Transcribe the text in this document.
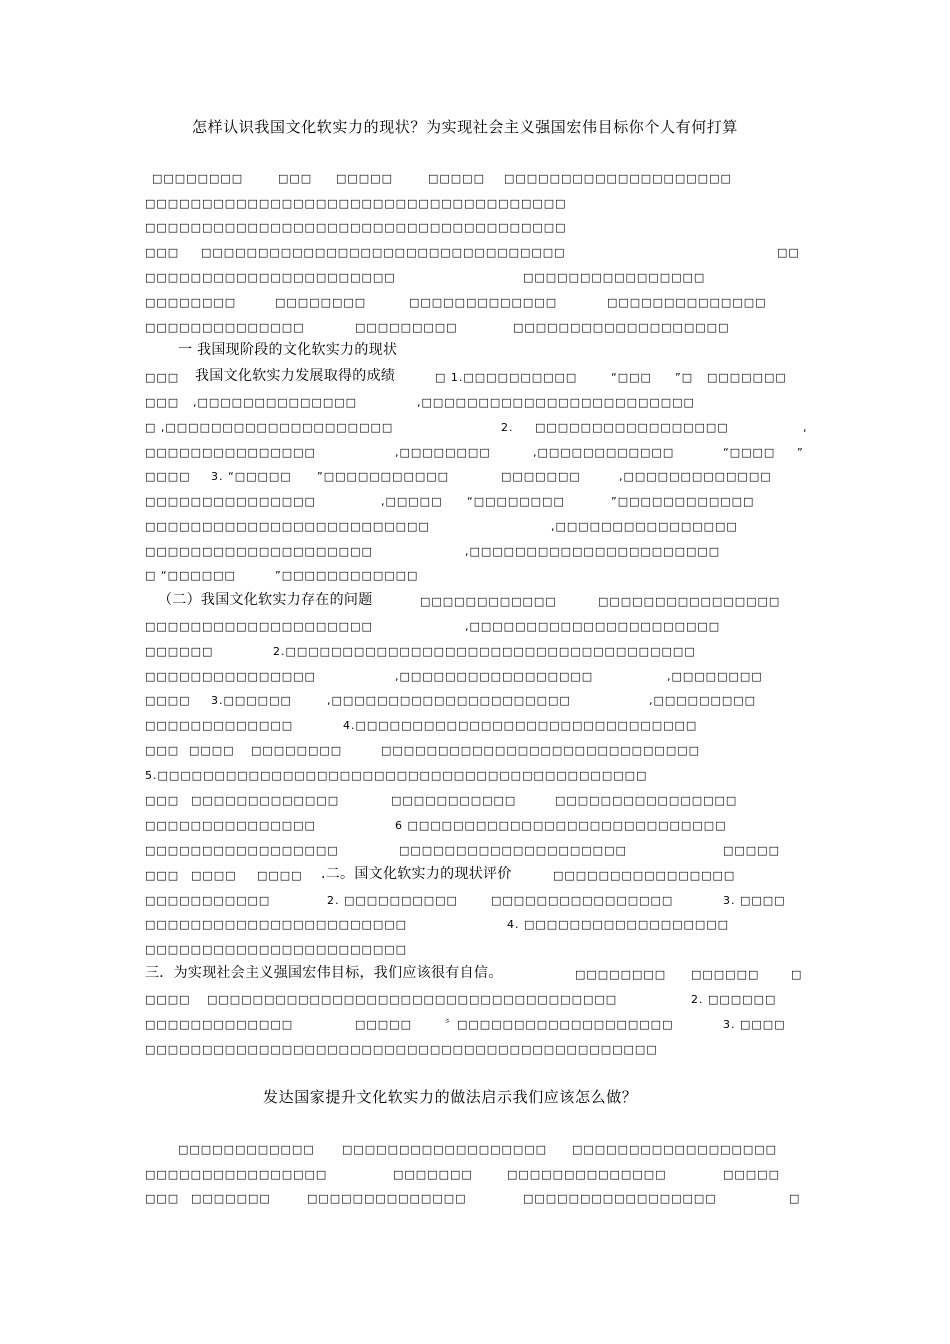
怎样认识我国文化软实力的现状？为实现社会主义强国宏伟目标你个人有何打算
□□□□□□□□	□□□ □□□□□	□□□□□ □□□□□□□□□□□□□□□□□□□□
□□□□□□□□□□□□□□□□□□□□□□□□□□□□□□□□□□□□□
□□□□□□□□□□□□□□□□□□□□□□□□□□□□□□□□□□□□□
□□□ □□□□□□□□□□□□□□□□□□□□□□□□□□□□□□□□	□□
□□□□□□□□□□□□□□□□□□□□□□	□□□□□□□□□□□□□□□□
□□□□□□□□	□□□□□□□□	□□□□□□□□□□□□□	□□□□□□□□□□□□□□
□□□□□□□□□□□□□□	□□□□□□□□□	□□□□□□□□□□□□□□□□□□□
一 我国现阶段的文化软实力的现状
□□□ 我国文化软实力发展取得的成绩	□ 1.□□□□□□□□□□	“□□□ ”□ □□□□□□□
□□□ ,□□□□□□□□□□□□□□	,□□□□□□□□□□□□□□□□□□□□□□□□
□ ,□□□□□□□□□□□□□□□□□□□□	2. □□□□□□□□□□□□□□□□□	,
□□□□□□□□□□□□□□□	,□□□□□□□□	,□□□□□□□□□□□□	“□□□□ ”
□□□□ 3. “□□□□□ ”□□□□□□□□□□□	□□□□□□□	,□□□□□□□□□□□□□
□□□□□□□□□□□□□□□	,□□□□□ “□□□□□□□□	”□□□□□□□□□□□□
□□□□□□□□□□□□□□□□□□□□□□□□□	,□□□□□□□□□□□□□□□□
□□□□□□□□□□□□□□□□□□□□	,□□□□□□□□□□□□□□□□□□□□□□
□ “□□□□□□	”□□□□□□□□□□□□
（二）我国文化软实力存在的问题	□□□□□□□□□□□□	□□□□□□□□□□□□□□□□
□□□□□□□□□□□□□□□□□□□□	,□□□□□□□□□□□□□□□□□□□□□□
□□□□□□	2.□□□□□□□□□□□□□□□□□□□□□□□□□□□□□□□□□□□□
□□□□□□□□□□□□□□□	,□□□□□□□□□□□□□□□□□	,□□□□□□□□
□□□□ 3.□□□□□□	,□□□□□□□□□□□□□□□□□□□□□	,□□□□□□□□□
□□□□□□□□□□□□□	4.□□□□□□□□□□□□□□□□□□□□□□□□□□□□□□
□□□ □□□□ □□□□□□□□	□□□□□□□□□□□□□□□□□□□□□□□□□□□□
5.□□□□□□□□□□□□□□□□□□□□□□□□□□□□□□□□□□□□□□□□□□□
□□□ □□□□□□□□□□□□□	□□□□□□□□□□□	□□□□□□□□□□□□□□□□
□□□□□□□□□□□□□□□	6 □□□□□□□□□□□□□□□□□□□□□□□□□□□□
□□□□□□□□□□□□□□□□□	□□□□□□□□□□□□□□□□□□□□	□□□□□
□□□ □□□□ □□□□ .二。国文化软实力的现状评价	□□□□□□□□□□□□□□□□
□□□□□□□□□□□	2. □□□□□□□□□□	□□□□□□□□□□□□□□□□	3. □□□□
□□□□□□□□□□□□□□□□□□□□□□□	4. □□□□□□□□□□□□□□□□□□
□□□□□□□□□□□□□□□□□□□□□□□
三．为实现社会主义强国宏伟目标，我们应该很有自信。	□□□□□□□□ □□□□□□	□
□□□□ □□□□□□□□□□□□□□□□□□□□□□□□□□□□□□□□□□□□	2. □□□□□□
□□□□□□□□□□□□□	□□□□□	〞□□□□□□□□□□□□□□□□□□□	3. □□□□
□□□□□□□□□□□□□□□□□□□□□□□□□□□□□□□□□□□□□□□□□□□□□
发达国家提升文化软实力的做法启示我们应该怎么做？
□□□□□□□□□□□□ □□□□□□□□□□□□□□□□□□ □□□□□□□□□□□□□□□□□□
□□□□□□□□□□□□□□□□	□□□□□□□	□□□□□□□□□□□□□□	□□□□□
□□□ □□□□□□□	□□□□□□□□□□□□□□	□□□□□□□□□□□□□□□□□	□
